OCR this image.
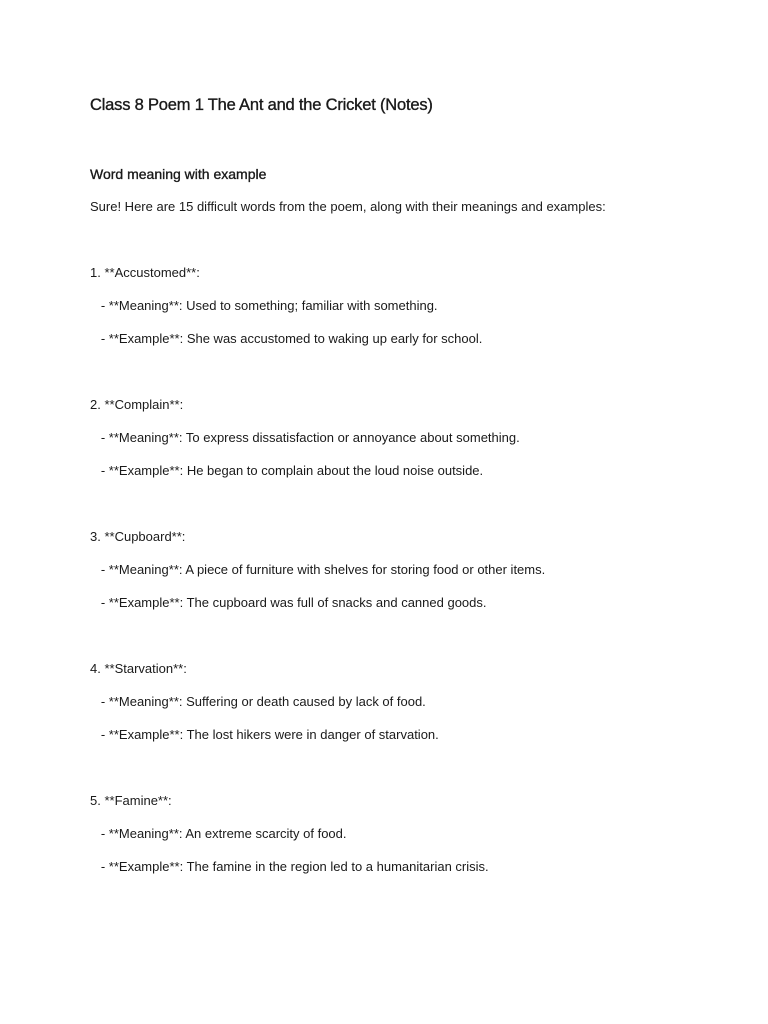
Class 8 Poem 1 The Ant and the Cricket (Notes)
Word meaning with example

Sure! Here are 15 difficult words from the poem, along with their meanings and examples:

1. **Accustomed**:

- **Meaning**: Used to something; familiar with something.

- **Example**: She was accustomed to waking up early for school.

2. **Complain**:

- **Meaning**: To express dissatisfaction or annoyance about something.

- **Example**: He began to complain about the loud noise outside.

3. **Cupboard**:

- **Meaning**: A piece of furniture with shelves for storing food or other items.

- **Example**: The cupboard was full of snacks and canned goods.

4. **Starvation**:

- **Meaning**: Suffering or death caused by lack of food.

- **Example**: The lost hikers were in danger of starvation.

5. **Famine**:

- **Meaning**: An extreme scarcity of food.

- **Example**: The famine in the region led to a humanitarian crisis.
